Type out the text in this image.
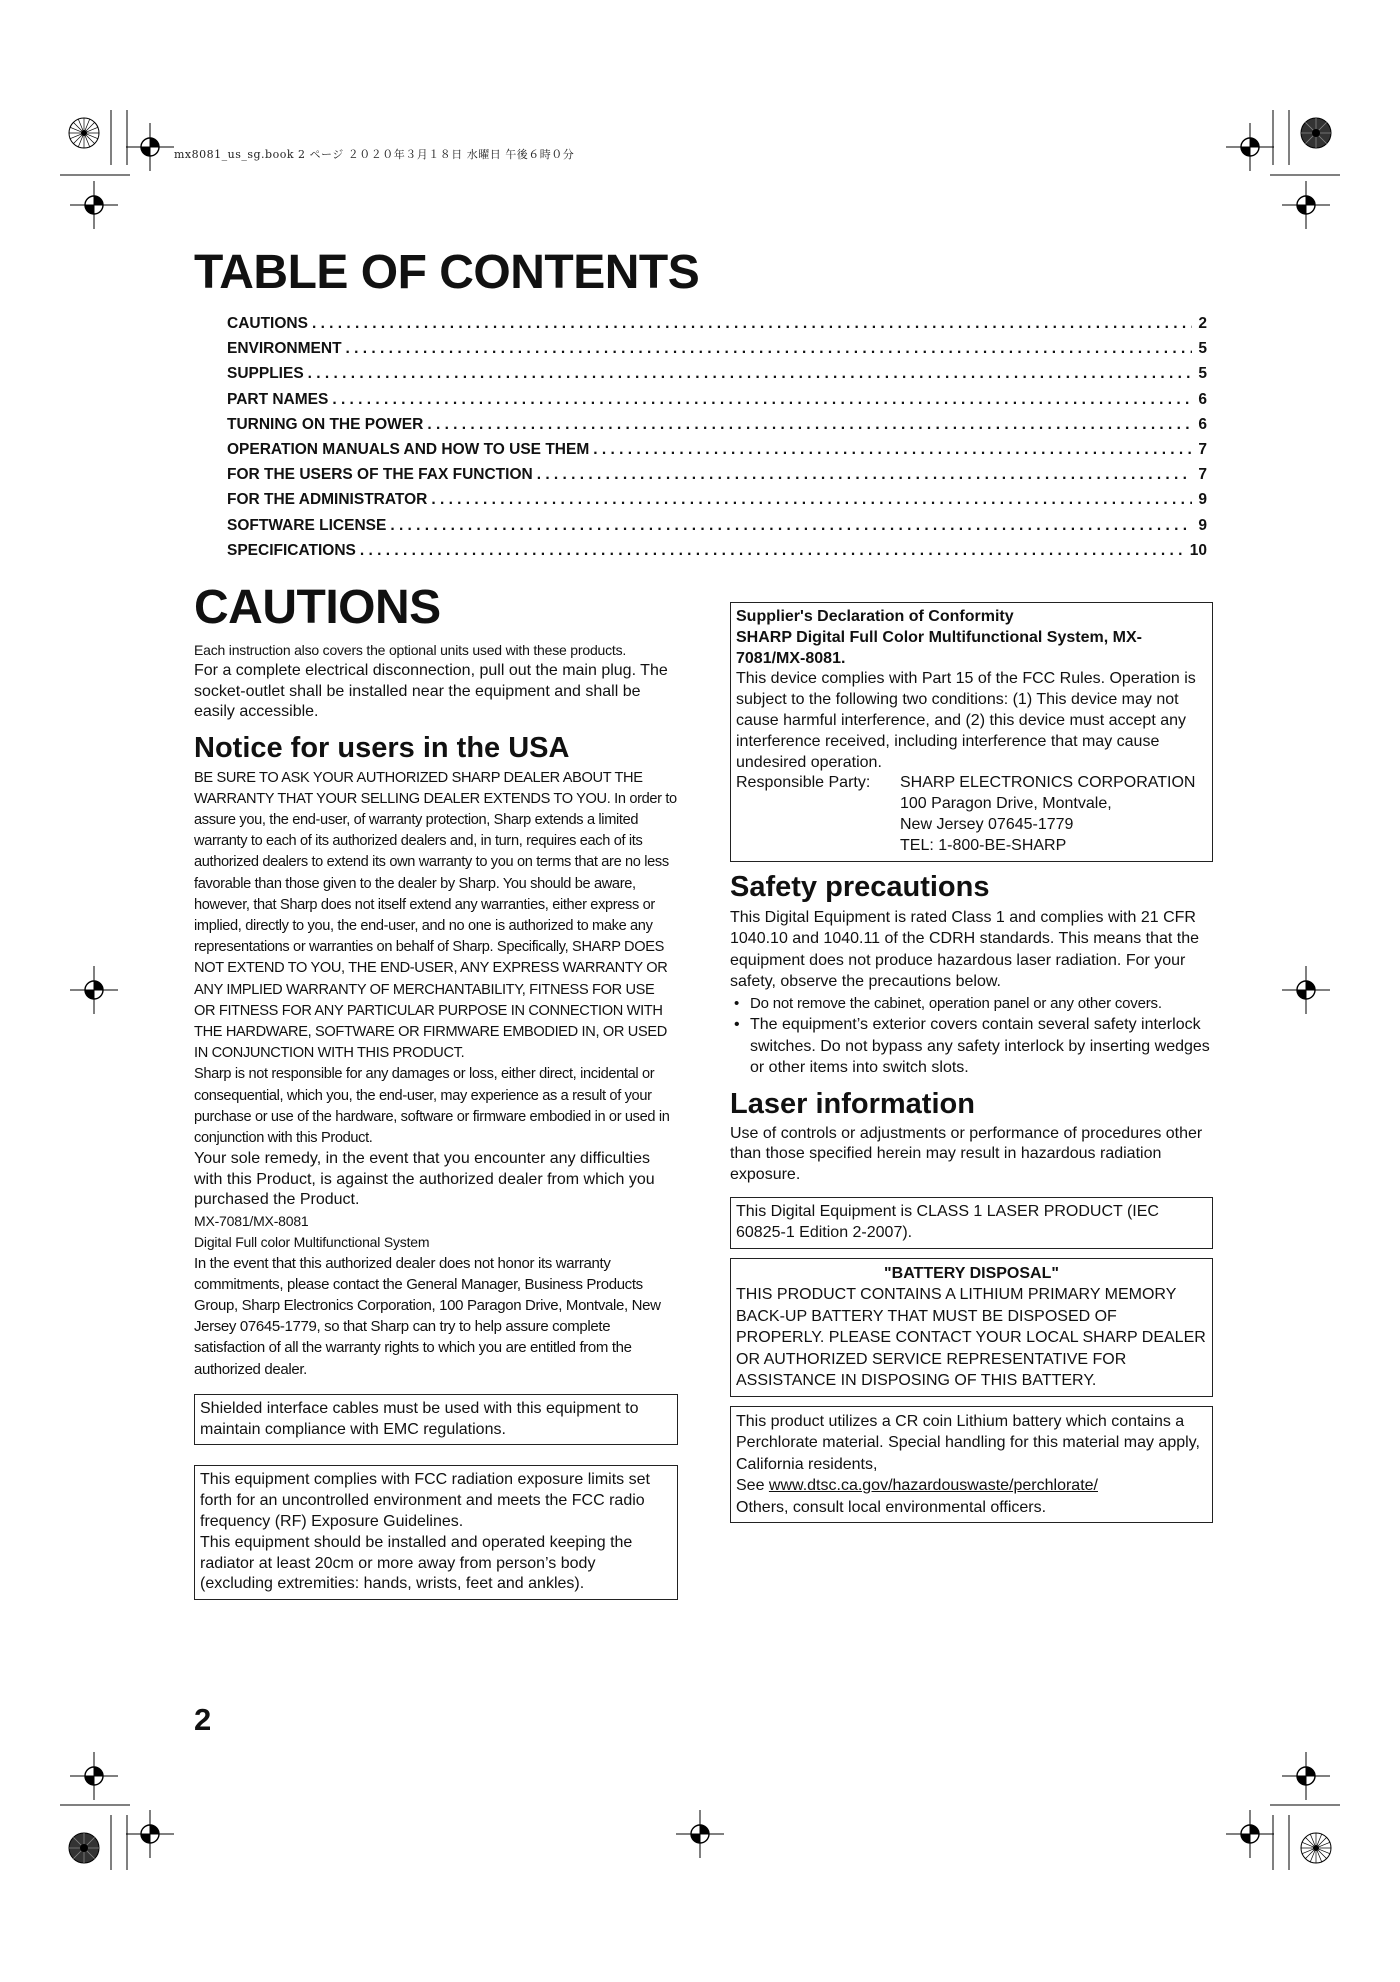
mx8081_us_sg.book 2 ページ ２０２０年３月１８日 水曜日 午後６時０分
TABLE OF CONTENTS
CAUTIONS . . .	2
ENVIRONMENT . . .	5
SUPPLIES . . .	5
PART NAMES . . .	6
TURNING ON THE POWER . . .	6
OPERATION MANUALS AND HOW TO USE THEM . . .	7
FOR THE USERS OF THE FAX FUNCTION . . .	7
FOR THE ADMINISTRATOR . . .	9
SOFTWARE LICENSE . . .	9
SPECIFICATIONS . . .	10
CAUTIONS

Each instruction also covers the optional units used with these products.

For a complete electrical disconnection, pull out the main plug. The socket-outlet shall be installed near the equipment and shall be easily accessible.

Notice for users in the USA

BE SURE TO ASK YOUR AUTHORIZED SHARP DEALER ABOUT THE WARRANTY THAT YOUR SELLING DEALER EXTENDS TO YOU. In order to assure you, the end-user, of warranty protection, Sharp extends a limited warranty to each of its authorized dealers and, in turn, requires each of its authorized dealers to extend its own warranty to you on terms that are no less favorable than those given to the dealer by Sharp. You should be aware, however, that Sharp does not itself extend any warranties, either express or implied, directly to you, the end-user, and no one is authorized to make any representations or warranties on behalf of Sharp. Specifically, SHARP DOES NOT EXTEND TO YOU, THE END-USER, ANY EXPRESS WARRANTY OR ANY IMPLIED WARRANTY OF MERCHANTABILITY, FITNESS FOR USE OR FITNESS FOR ANY PARTICULAR PURPOSE IN CONNECTION WITH THE HARDWARE, SOFTWARE OR FIRMWARE EMBODIED IN, OR USED IN CONJUNCTION WITH THIS PRODUCT.

Sharp is not responsible for any damages or loss, either direct, incidental or consequential, which you, the end-user, may experience as a result of your purchase or use of the hardware, software or firmware embodied in or used in conjunction with this Product.

Your sole remedy, in the event that you encounter any difficulties with this Product, is against the authorized dealer from which you purchased the Product.

MX-7081/MX-8081

Digital Full color Multifunctional System

In the event that this authorized dealer does not honor its warranty commitments, please contact the General Manager, Business Products Group, Sharp Electronics Corporation, 100 Paragon Drive, Montvale, New Jersey 07645-1779, so that Sharp can try to help assure complete satisfaction of all the warranty rights to which you are entitled from the authorized dealer.

Shielded interface cables must be used with this equipment to maintain compliance with EMC regulations.

This equipment complies with FCC radiation exposure limits set forth for an uncontrolled environment and meets the FCC radio frequency (RF) Exposure Guidelines.

This equipment should be installed and operated keeping the radiator at least 20cm or more away from person’s body (excluding extremities: hands, wrists, feet and ankles).

Supplier's Declaration of Conformity

SHARP Digital Full Color Multifunctional System, MX-7081/MX-8081.

This device complies with Part 15 of the FCC Rules. Operation is subject to the following two conditions: (1) This device may not cause harmful interference, and (2) this device must accept any interference received, including interference that may cause undesired operation.

Responsible Party:	SHARP ELECTRONICS CORPORATION
100 Paragon Drive, Montvale,
New Jersey 07645-1779
TEL: 1-800-BE-SHARP
Safety precautions

This Digital Equipment is rated Class 1 and complies with 21 CFR 1040.10 and 1040.11 of the CDRH standards. This means that the equipment does not produce hazardous laser radiation. For your safety, observe the precautions below.

• Do not remove the cabinet, operation panel or any other covers.
• The equipment’s exterior covers contain several safety interlock switches. Do not bypass any safety interlock by inserting wedges or other items into switch slots.
Laser information

Use of controls or adjustments or performance of procedures other than those specified herein may result in hazardous radiation exposure.

This Digital Equipment is CLASS 1 LASER PRODUCT (IEC 60825-1 Edition 2-2007).

"BATTERY DISPOSAL"

THIS PRODUCT CONTAINS A LITHIUM PRIMARY MEMORY BACK-UP BATTERY THAT MUST BE DISPOSED OF PROPERLY. PLEASE CONTACT YOUR LOCAL SHARP DEALER OR AUTHORIZED SERVICE REPRESENTATIVE FOR ASSISTANCE IN DISPOSING OF THIS BATTERY.

This product utilizes a CR coin Lithium battery which contains a Perchlorate material. Special handling for this material may apply, California residents,

See www.dtsc.ca.gov/hazardouswaste/perchlorate/

Others, consult local environmental officers.

2
